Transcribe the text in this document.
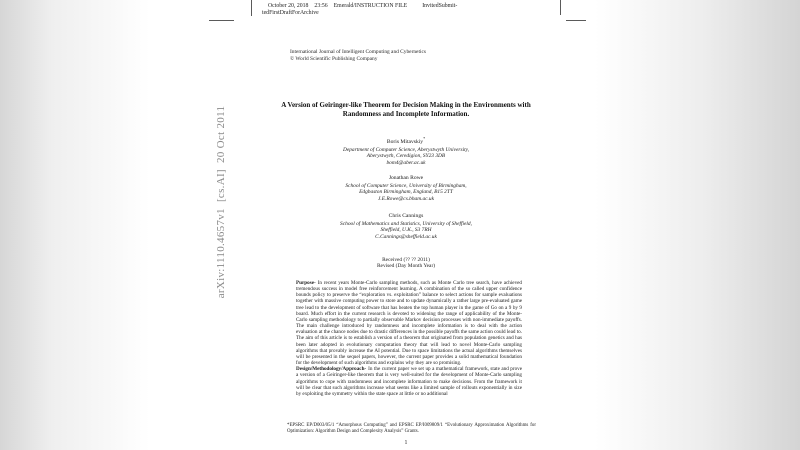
October 20, 2018 23:56 Emerald/INSTRUCTION FILE	InvitedSubmit-
tedFirstDraftForArchive
arXiv:1110.4657v1  [cs.AI]  20 Oct 2011
International Journal of Intelligent Computing and Cybernetics
© World Scientific Publishing Company
A Version of Geiringer-like Theorem for Decision Making in the Environments with Randomness and Incomplete Information.
Boris Mitavskiy*
Department of Computer Science, Aberystwyth University,
Aberystwyth, Ceredigion, SY23 3DB
bom4@aber.ac.uk
Jonathan Rowe
School of Computer Science, University of Birmingham,
Edgbaston Birmingham, England, B15 2TT
J.E.Rowe@cs.bham.ac.uk
Chris Cannings
School of Mathematics and Statistics, University of Sheffield,
Sheffield, U.K., S3 7RH
C.Cannings@sheffield.ac.uk
Received (?? ?? 2011)
Revised (Day Month Year)

Purpose- In recent years Monte-Carlo sampling methods, such as Monte Carlo tree search, have achieved tremendous success in model free reinforcement learning. A combination of the so called upper confidence bounds policy to preserve the “exploration vs. exploitation” balance to select actions for sample evaluations together with massive computing power to store and to update dynamically a rather large pre-evaluated game tree lead to the development of software that has beaten the top human player in the game of Go on a 9 by 9 board. Much effort in the current research is devoted to widening the range of applicability of the Monte-Carlo sampling methodology to partially observable Markov decision processes with non-immediate payoffs. The main challenge introduced by randomness and incomplete information is to deal with the action evaluation at the chance nodes due to drastic differences in the possible payoffs the same action could lead to. The aim of this article is to establish a version of a theorem that originated from population genetics and has been later adopted in evolutionary computation theory that will lead to novel Monte-Carlo sampling algorithms that provably increase the AI potential. Due to space limitations the actual algorithms themselves will be presented in the sequel papers, however, the current paper provides a solid mathematical foundation for the development of such algorithms and explains why they are so promising.

Design/Methodology/Approach- In the current paper we set up a mathematical framework, state and prove a version of a Geiringer-like theorem that is very well-suited for the development of Monte-Carlo sampling algorithms to cope with randomness and incomplete information to make decisions. From the framework it will be clear that such algorithms increase what seems like a limited sample of rollouts exponentially in size by exploiting the symmetry within the state space at little or no additional

*EPSRC EP/D003/05/1 “Amorphous Computing” and EPSRC EP/I009809/1 “Evolutionary Approximation Algorithms for Optimization: Algorithm Design and Complexity Analysis” Grants.
1
